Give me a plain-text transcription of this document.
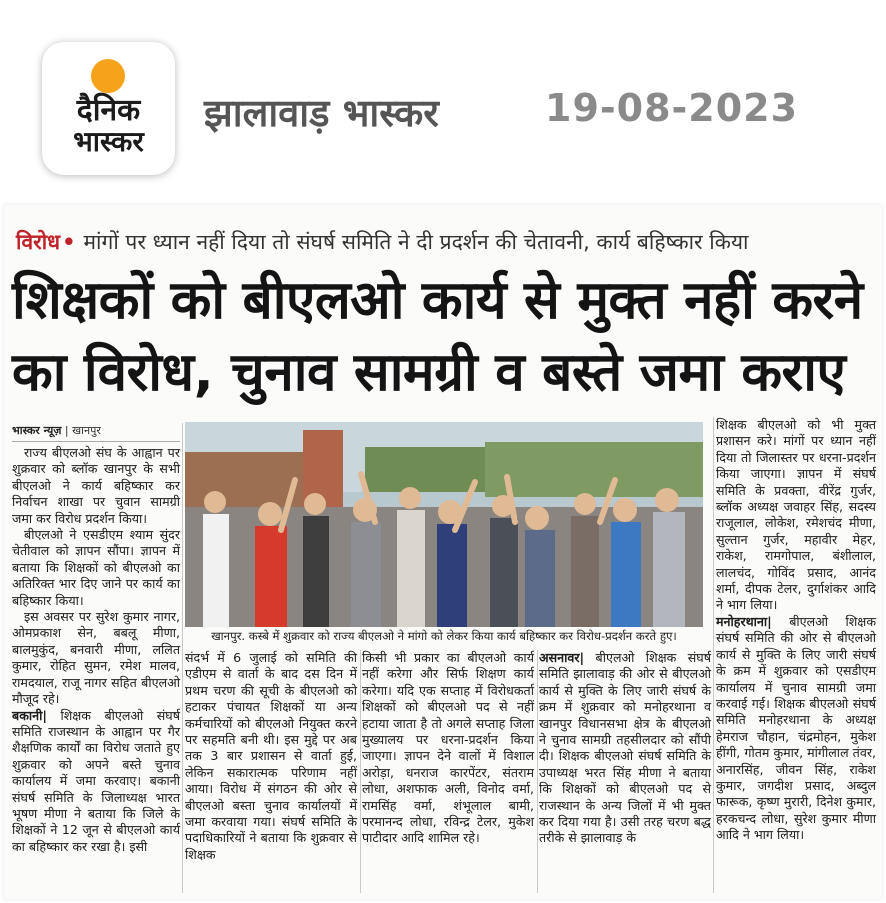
दैनिक
भास्कर
झालावाड़ भास्कर	19-08-2023
विरोध• मांगों पर ध्यान नहीं दिया तो संघर्ष समिति ने दी प्रदर्शन की चेतावनी, कार्य बहिष्कार किया
शिक्षकों को बीएलओ कार्य से मुक्त नहीं करने
का विरोध, चुनाव सामग्री व बस्ते जमा कराए
भास्कर न्यूज़ | खानपुर

राज्य बीएलओ संघ के आह्वान पर शुक्रवार को ब्लॉक खानपुर के सभी बीएलओ ने कार्य बहिष्कार कर निर्वाचन शाखा पर चुवान सामग्री जमा कर विरोध प्रदर्शन किया।

बीएलओ ने एसडीएम श्याम सुंदर चेतीवाल को ज्ञापन सौंपा। ज्ञापन में बताया कि शिक्षकों को बीएलओ का अतिरिक्त भार दिए जाने पर कार्य का बहिष्कार किया।

इस अवसर पर सुरेश कुमार नागर, ओमप्रकाश सेन, बबलू मीणा, बालमुकुंद, बनवारी मीणा, ललित कुमार, रोहित सुमन, रमेश मालव, रामदयाल, राजू नागर सहित बीएलओ मौजूद रहे।

बकानी| शिक्षक बीएलओ संघर्ष समिति राजस्थान के आह्वान पर गैर शैक्षणिक कार्यों का विरोध जताते हुए शुक्रवार को अपने बस्ते चुनाव कार्यालय में जमा करवाए। बकानी संघर्ष समिति के जिलाध्यक्ष भारत भूषण मीणा ने बताया कि जिले के शिक्षकों ने 12 जून से बीएलओ कार्य का बहिष्कार कर रखा है। इसी

खानपुर. कस्बे में शुक्रवार को राज्य बीएलओ ने मांगो को लेकर किया कार्य बहिष्कार कर विरोध-प्रदर्शन करते हुए।

संदर्भ में 6 जुलाई को समिति की एडीएम से वार्ता के बाद दस दिन में प्रथम चरण की सूची के बीएलओ को हटाकर पंचायत शिक्षकों या अन्य कर्मचारियों को बीएलओ नियुक्त करने पर सहमति बनी थी। इस मुद्दे पर अब तक 3 बार प्रशासन से वार्ता हुई, लेकिन सकारात्मक परिणाम नहीं आया। विरोध में संगठन की ओर से बीएलओ बस्ता चुनाव कार्यालयों में जमा करवाया गया। संघर्ष समिति के पदाधिकारियों ने बताया कि शुक्रवार से शिक्षक

किसी भी प्रकार का बीएलओ कार्य नहीं करेगा और सिर्फ शिक्षण कार्य करेगा। यदि एक सप्ताह में विरोधकर्ता शिक्षकों को बीएलओ पद से नहीं हटाया जाता है तो अगले सप्ताह जिला मुख्यालय पर धरना-प्रदर्शन किया जाएगा। ज्ञापन देने वालों में विशाल अरोड़ा, धनराज कारपेंटर, संतराम लोधा, अशफाक अली, विनोद वर्मा, रामसिंह वर्मा, शंभूलाल बामी, परमानन्द लोधा, रविन्द्र टेलर, मुकेश पाटीदार आदि शामिल रहे।

असनावर| बीएलओ शिक्षक संघर्ष समिति झालावाड़ की ओर से बीएलओ कार्य से मुक्ति के लिए जारी संघर्ष के क्रम में शुक्रवार को मनोहरथाना व खानपुर विधानसभा क्षेत्र के बीएलओ ने चुनाव सामग्री तहसीलदार को सौंपी दी। शिक्षक बीएलओ संघर्ष समिति के उपाध्यक्ष भरत सिंह मीणा ने बताया कि शिक्षकों को बीएलओ पद से राजस्थान के अन्य जिलों में भी मुक्त कर दिया गया है। उसी तरह चरण बद्ध तरीके से झालावाड़ के

शिक्षक बीएलओ को भी मुक्त प्रशासन करे। मांगों पर ध्यान नहीं दिया तो जिलास्तर पर धरना-प्रदर्शन किया जाएगा। ज्ञापन में संघर्ष समिति के प्रवक्ता, वीरेंद्र गुर्जर, ब्लॉक अध्यक्ष जवाहर सिंह, सदस्य राजूलाल, लोकेश, रमेशचंद मीणा, सुल्तान गुर्जर, महावीर मेहर, राकेश, रामगोपाल, बंशीलाल, लालचंद, गोविंद प्रसाद, आनंद शर्मा, दीपक टेलर, दुर्गाशंकर आदि ने भाग लिया।

मनोहरथाना| बीएलओ शिक्षक संघर्ष समिति की ओर से बीएलओ कार्य से मुक्ति के लिए जारी संघर्ष के क्रम में शुक्रवार को एसडीएम कार्यालय में चुनाव सामग्री जमा करवाई गई। शिक्षक बीएलओ संघर्ष समिति मनोहरथाना के अध्यक्ष हेमराज चौहान, चंद्रमोहन, मुकेश हींगी, गोतम कुमार, मांगीलाल तंवर, अनारसिंह, जीवन सिंह, राकेश कुमार, जगदीश प्रसाद, अब्दुल फारूक, कृष्ण मुरारी, दिनेश कुमार, हरकचन्द लोधा, सुरेश कुमार मीणा आदि ने भाग लिया।
